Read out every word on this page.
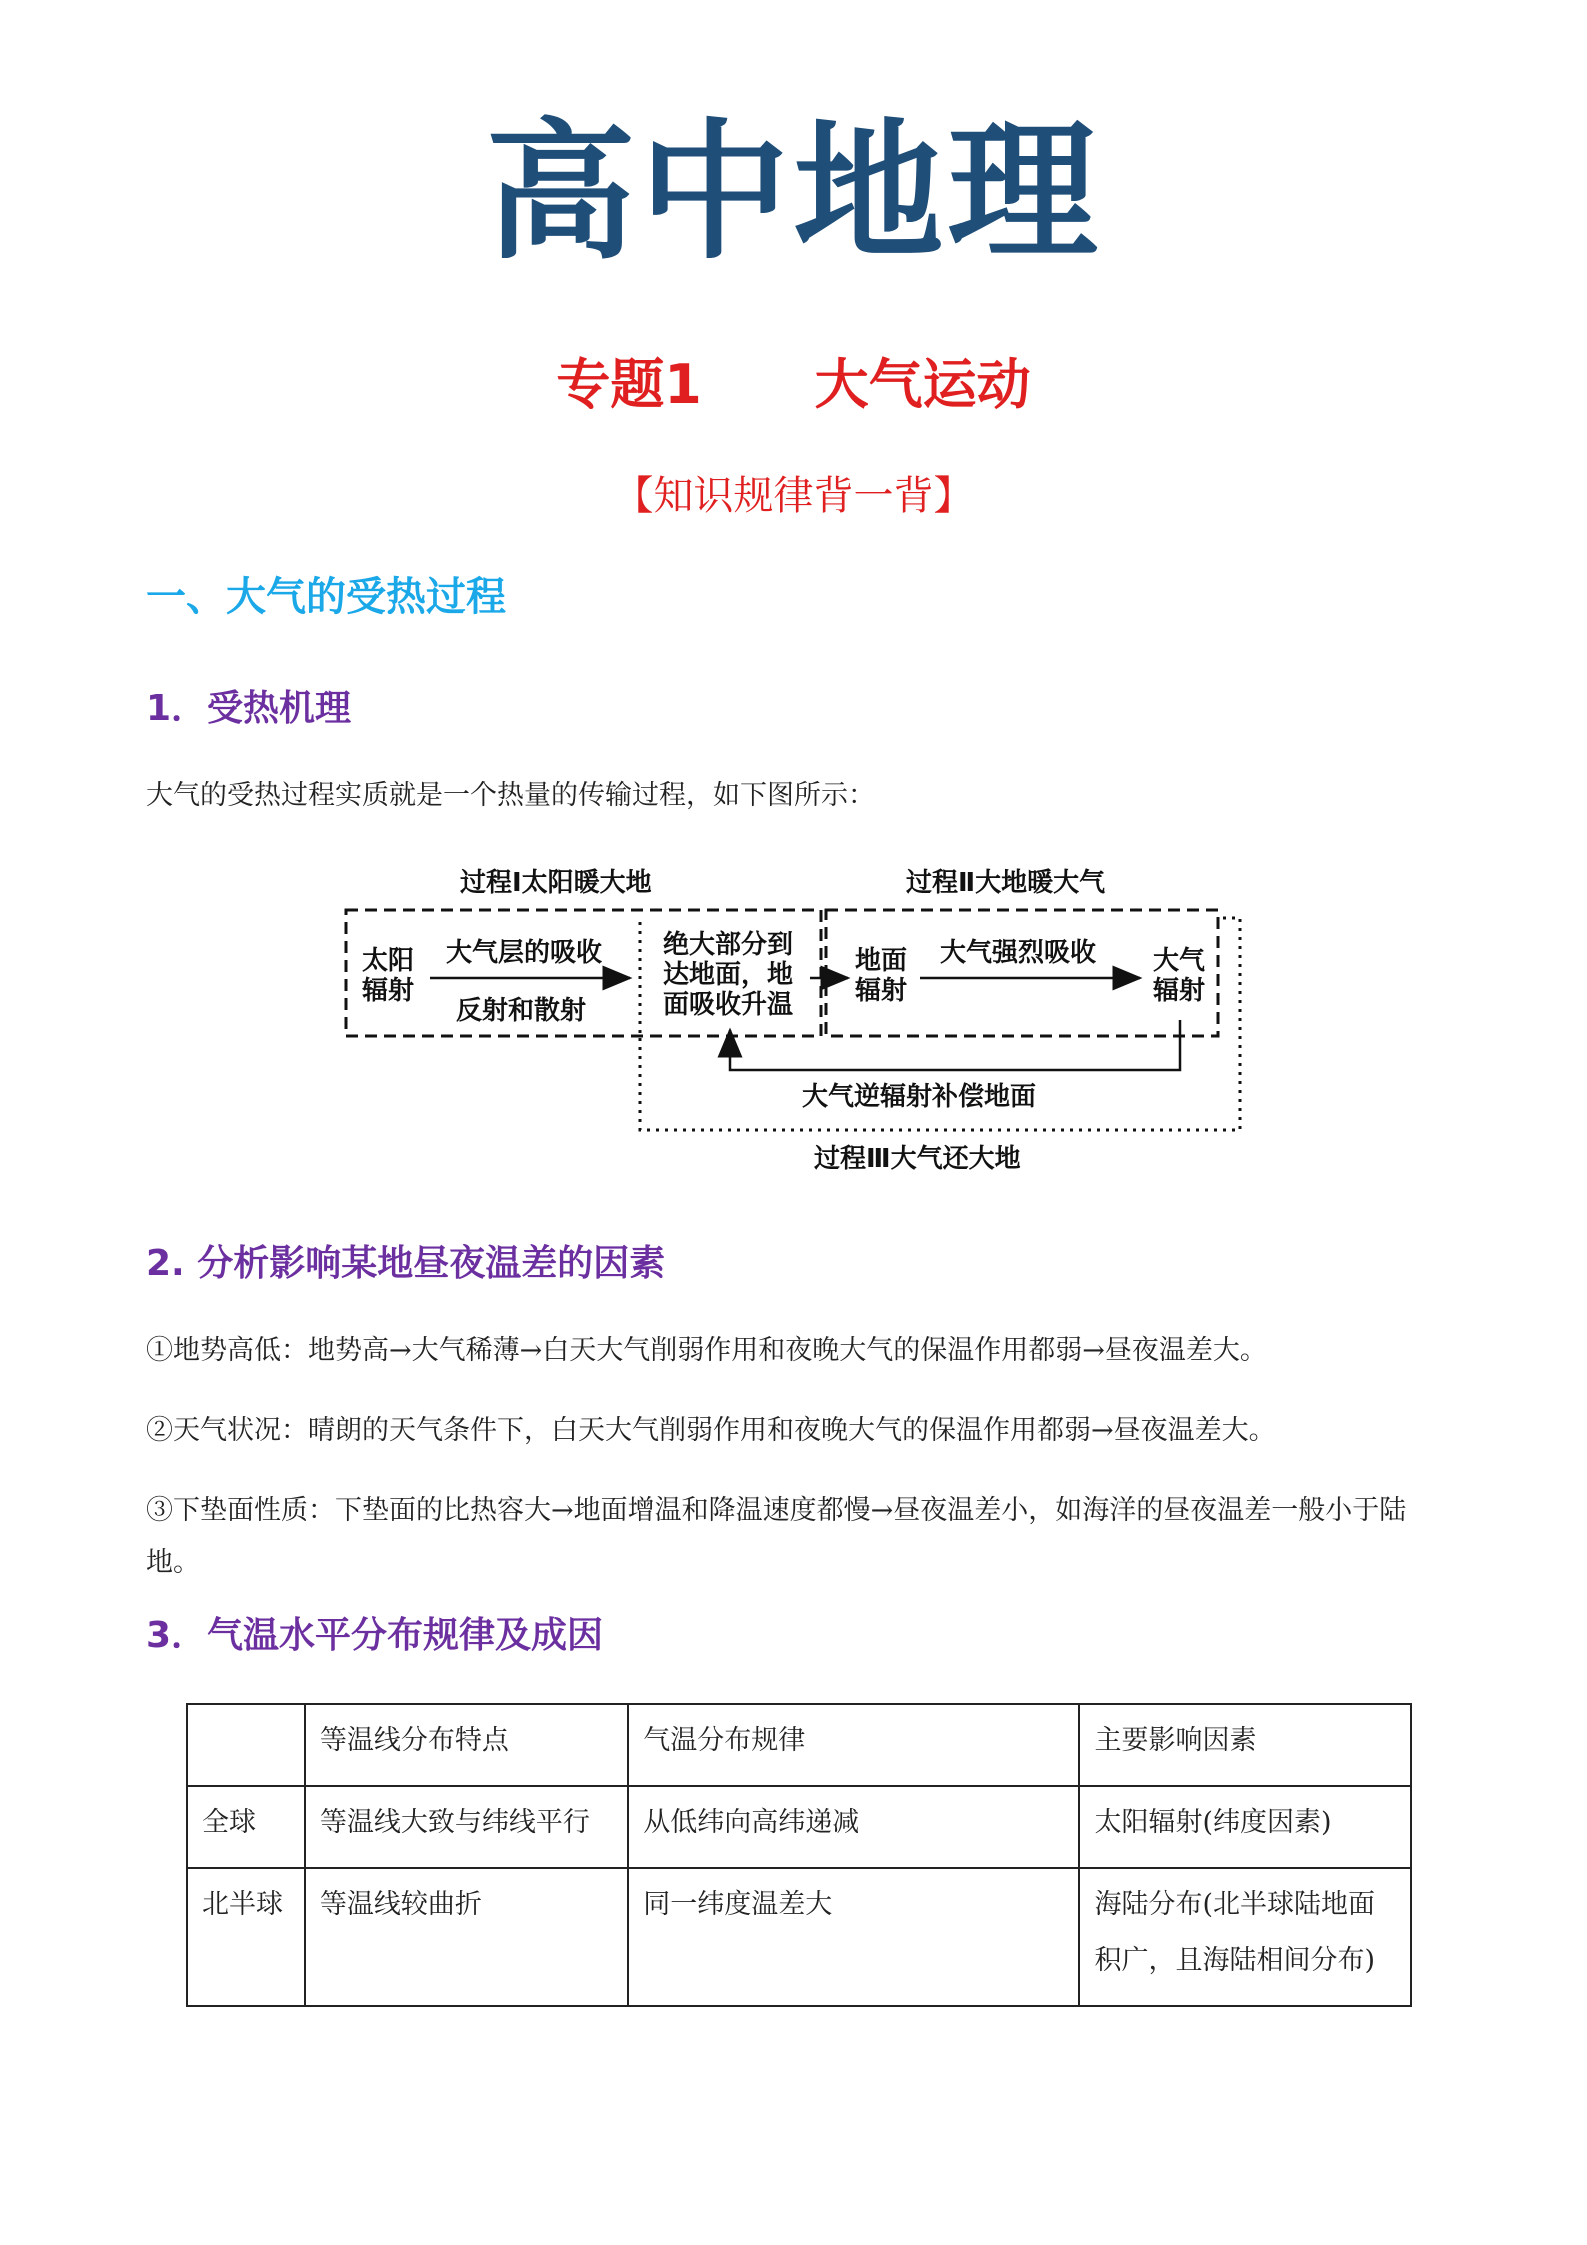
高中地理
专题1      大气运动
【知识规律背一背】
一、大气的受热过程
1．受热机理

大气的受热过程实质就是一个热量的传输过程，如下图所示：

过程Ⅰ太阳暖大地	过程Ⅱ大地暖大气
太阳
辐射
大气层的吸收
反射和散射
绝大部分到
达地面，地
面吸收升温
地面
辐射
大气强烈吸收 大气
辐射
大气逆辐射补偿地面
过程Ⅲ大气还大地
2. 分析影响某地昼夜温差的因素

①地势高低：地势高→大气稀薄→白天大气削弱作用和夜晚大气的保温作用都弱→昼夜温差大。

②天气状况：晴朗的天气条件下，白天大气削弱作用和夜晚大气的保温作用都弱→昼夜温差大。

③下垫面性质：下垫面的比热容大→地面增温和降温速度都慢→昼夜温差小，如海洋的昼夜温差一般小于陆地。

3．气温水平分布规律及成因
	等温线分布特点	气温分布规律	主要影响因素
全球	等温线大致与纬线平行	从低纬向高纬递减	太阳辐射(纬度因素)
北半球	等温线较曲折	同一纬度温差大	海陆分布(北半球陆地面积广，且海陆相间分布)
